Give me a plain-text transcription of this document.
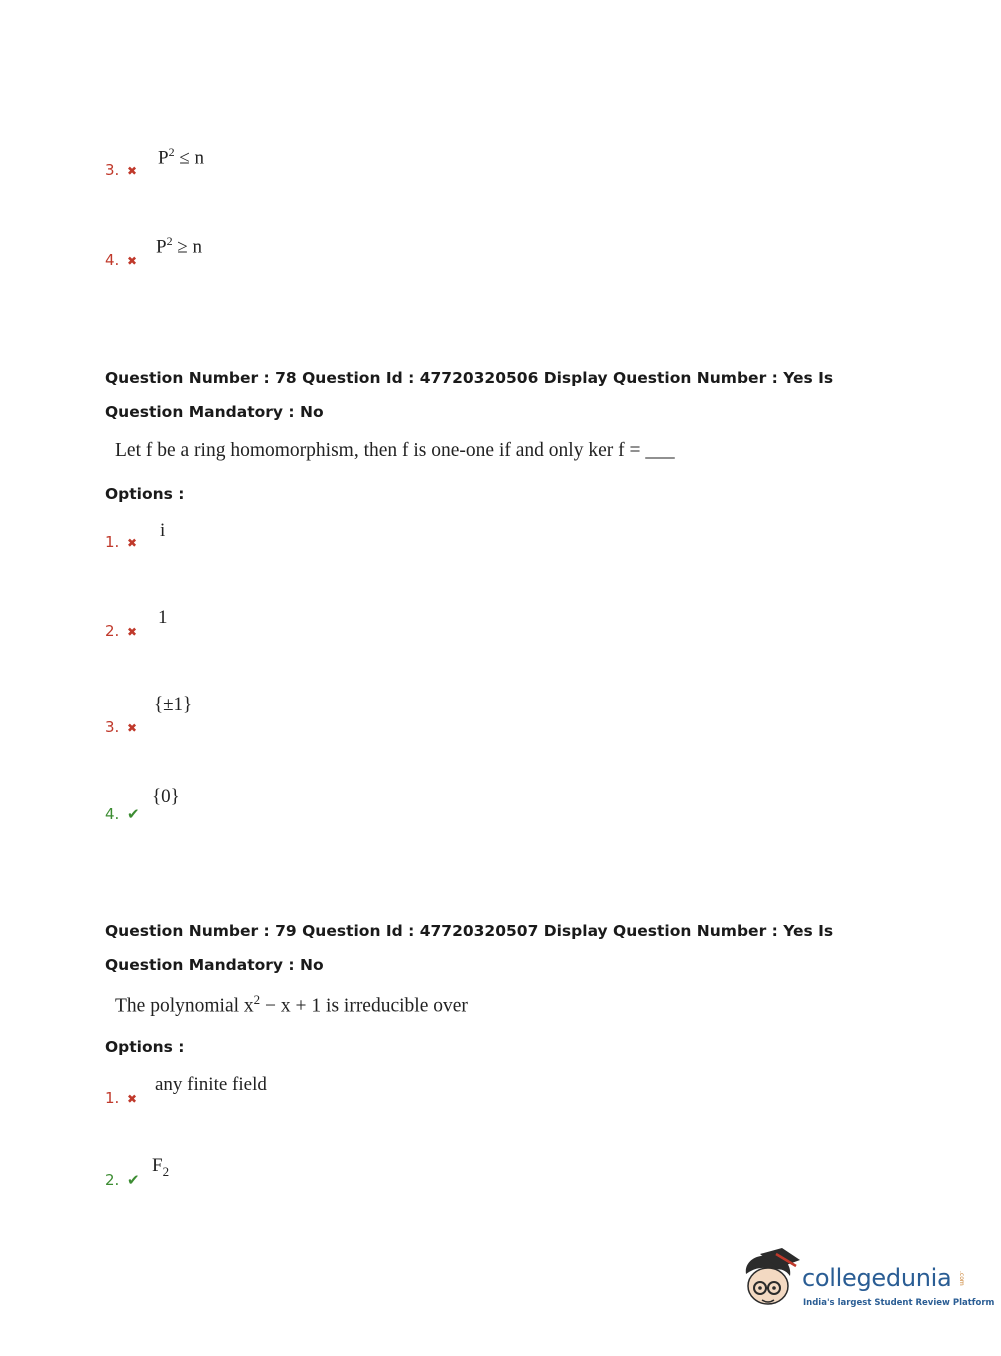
3. ✖
$P^2 \le n$
4. ✖
$P^2 \ge n$
Question Number : 78 Question Id : 47720320506 Display Question Number : Yes Is Question Mandatory : No
Let f be a ring homomorphism, then f is one-one if and only ker f = ___
Options :
1. ✖
i
2. ✖
1
3. ✖
{±1}
4. ✔
{0}
Question Number : 79 Question Id : 47720320507 Display Question Number : Yes Is Question Mandatory : No
The polynomial $x^2 - x + 1$ is irreducible over
Options :
1. ✖
any finite field
2. ✔
$F_2$
collegedunia .com
India's largest Student Review Platform
